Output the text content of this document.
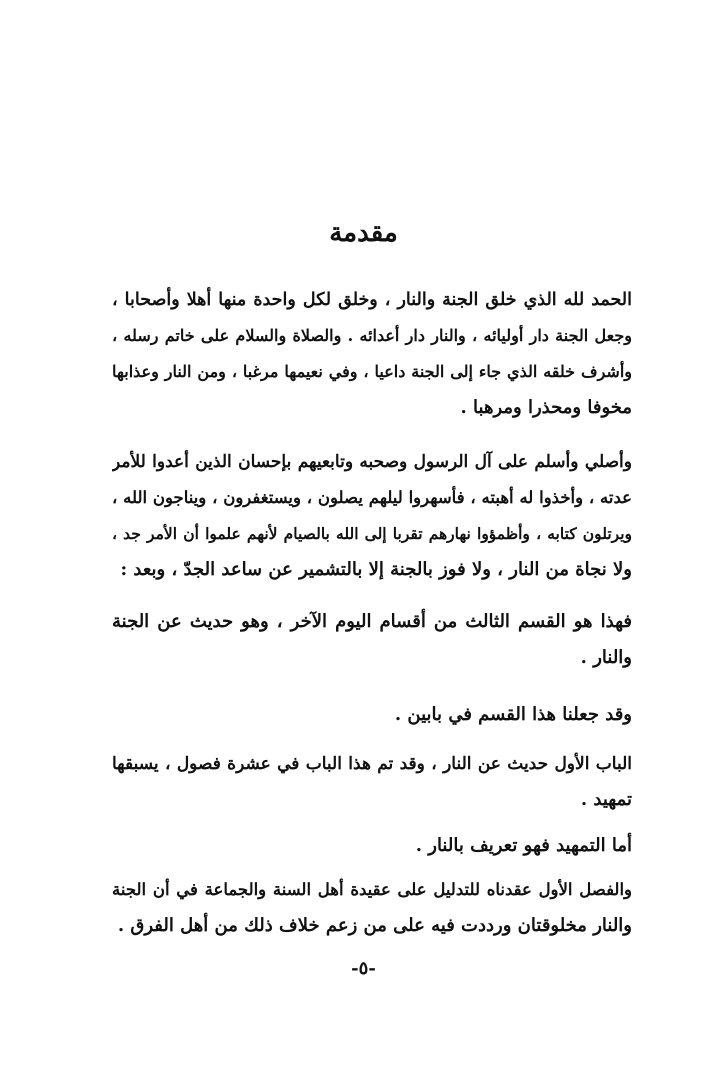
مقدمة
الحمد لله الذي خلق الجنة والنار ، وخلق لكل واحدة منها أهلا وأصحابا ،
وجعل الجنة دار أوليائه ، والنار دار أعدائه . والصلاة والسلام على خاتم رسله ،
وأشرف خلقه الذي جاء إلى الجنة داعيا ، وفي نعيمها مرغبا ، ومن النار وعذابها
مخوفا ومحذرا ومرهبا .
وأصلي وأسلم على آل الرسول وصحبه وتابعيهم بإحسان الذين أعدوا للأمر
عدته ، وأخذوا له أهبته ، فأسهروا ليلهم يصلون ، ويستغفرون ، ويناجون الله ،
ويرتلون كتابه ، وأظمؤوا نهارهم تقربا إلى الله بالصيام لأنهم علموا أن الأمر جد ،
ولا نجاة من النار ، ولا فوز بالجنة إلا بالتشمير عن ساعد الجدّ ، وبعد :
فهذا هو القسم الثالث من أقسام اليوم الآخر ، وهو حديث عن الجنة
والنار .
وقد جعلنا هذا القسم في بابين .
الباب الأول حديث عن النار ، وقد تم هذا الباب في عشرة فصول ، يسبقها
تمهيد .
أما التمهيد فهو تعريف بالنار .
والفصل الأول عقدناه للتدليل على عقيدة أهل السنة والجماعة في أن الجنة
والنار مخلوقتان ورددت فيه على من زعم خلاف ذلك من أهل الفرق .
-٥-
